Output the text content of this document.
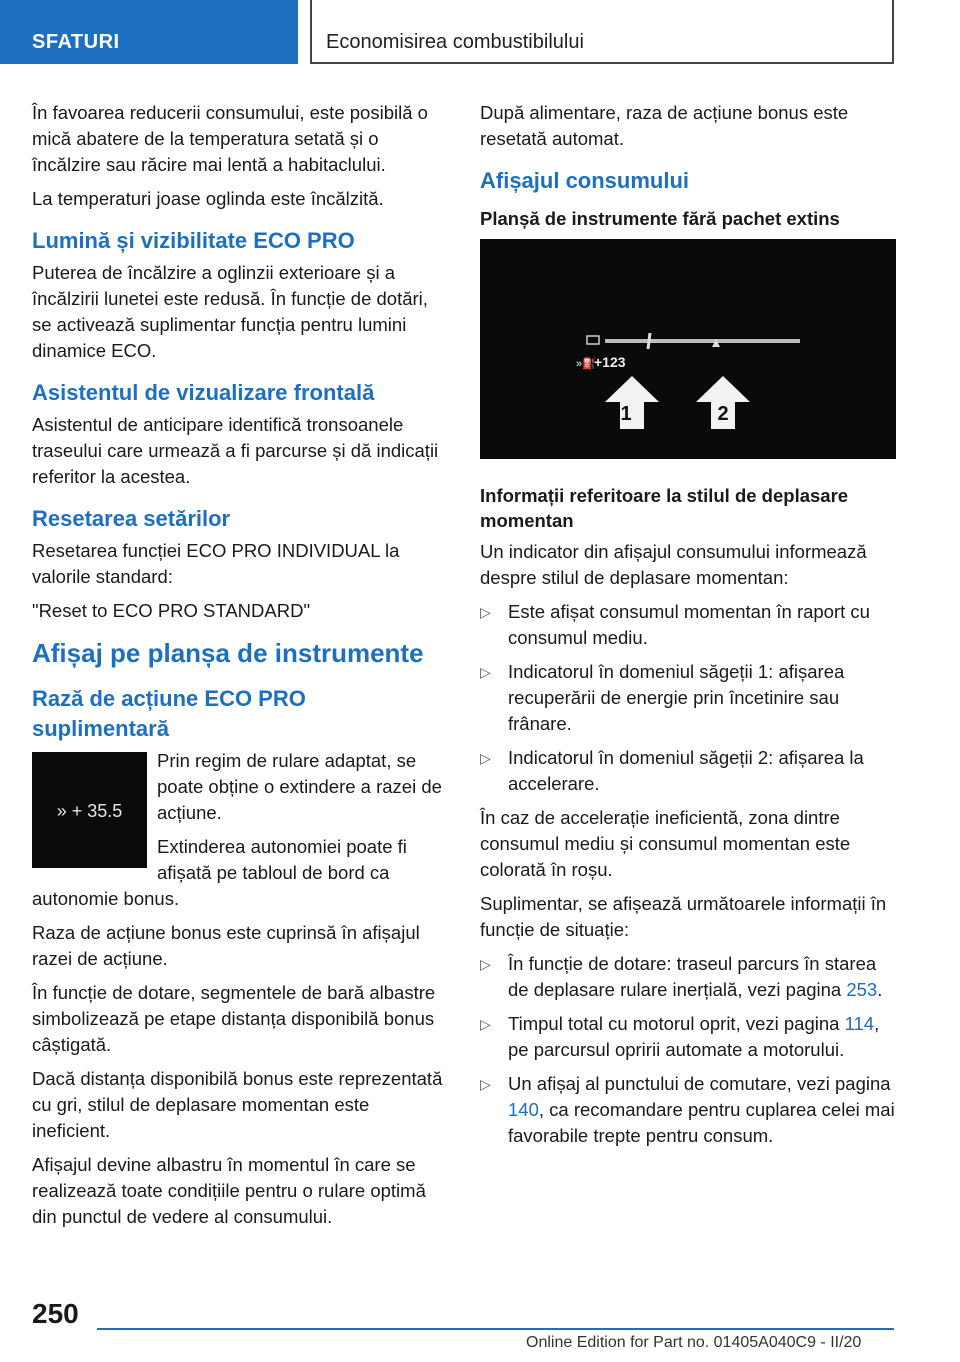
SFATURI	Economisirea combustibilului

În favoarea reducerii consumului, este posibilă o mică abatere de la temperatura setată și o încălzire sau răcire mai lentă a habitaclului.

La temperaturi joase oglinda este încălzită.

Lumină și vizibilitate ECO PRO

Puterea de încălzire a oglinzii exterioare și a încălzirii lunetei este redusă. În funcție de dotări, se activează suplimentar funcția pentru lumini dinamice ECO.

Asistentul de vizualizare frontală

Asistentul de anticipare identifică tronsoanele traseului care urmează a fi parcurse și dă indicații referitor la acestea.

Resetarea setărilor

Resetarea funcției ECO PRO INDIVIDUAL la valorile standard:

"Reset to ECO PRO STANDARD"

Afișaj pe planșa de instrumente
Rază de acțiune ECO PRO suplimentară
» + 35.5

Prin regim de rulare adaptat, se poate obține o extindere a razei de acțiune.

Extinderea autonomiei poate fi afișată pe tabloul de bord ca autonomie bonus.

Raza de acțiune bonus este cuprinsă în afișajul razei de acțiune.

În funcție de dotare, segmentele de bară albastre simbolizează pe etape distanța disponibilă bonus câștigată.

Dacă distanța disponibilă bonus este reprezentată cu gri, stilul de deplasare momentan este ineficient.

Afișajul devine albastru în momentul în care se realizează toate condițiile pentru o rulare optimă din punctul de vedere al consumului.

După alimentare, raza de acțiune bonus este resetată automat.

Afișajul consumului
Planșă de instrumente fără pachet extins
»⛽
+123
1	2
Informații referitoare la stilul de deplasare momentan

Un indicator din afișajul consumului informează despre stilul de deplasare momentan:

▷ Este afișat consumul momentan în raport cu consumul mediu.
▷ Indicatorul în domeniul săgeții 1: afișarea recuperării de energie prin încetinire sau frânare.
▷ Indicatorul în domeniul săgeții 2: afișarea la accelerare.

În caz de accelerație ineficientă, zona dintre consumul mediu și consumul momentan este colorată în roșu.

Suplimentar, se afișează următoarele informații în funcție de situație:

▷ În funcție de dotare: traseul parcurs în starea de deplasare rulare inerțială, vezi pagina 253.
▷ Timpul total cu motorul oprit, vezi pagina 114, pe parcursul opririi automate a motorului.
▷ Un afișaj al punctului de comutare, vezi pagina 140, ca recomandare pentru cuplarea celei mai favorabile trepte pentru consum.
250
Online Edition for Part no. 01405A040C9 - II/20
